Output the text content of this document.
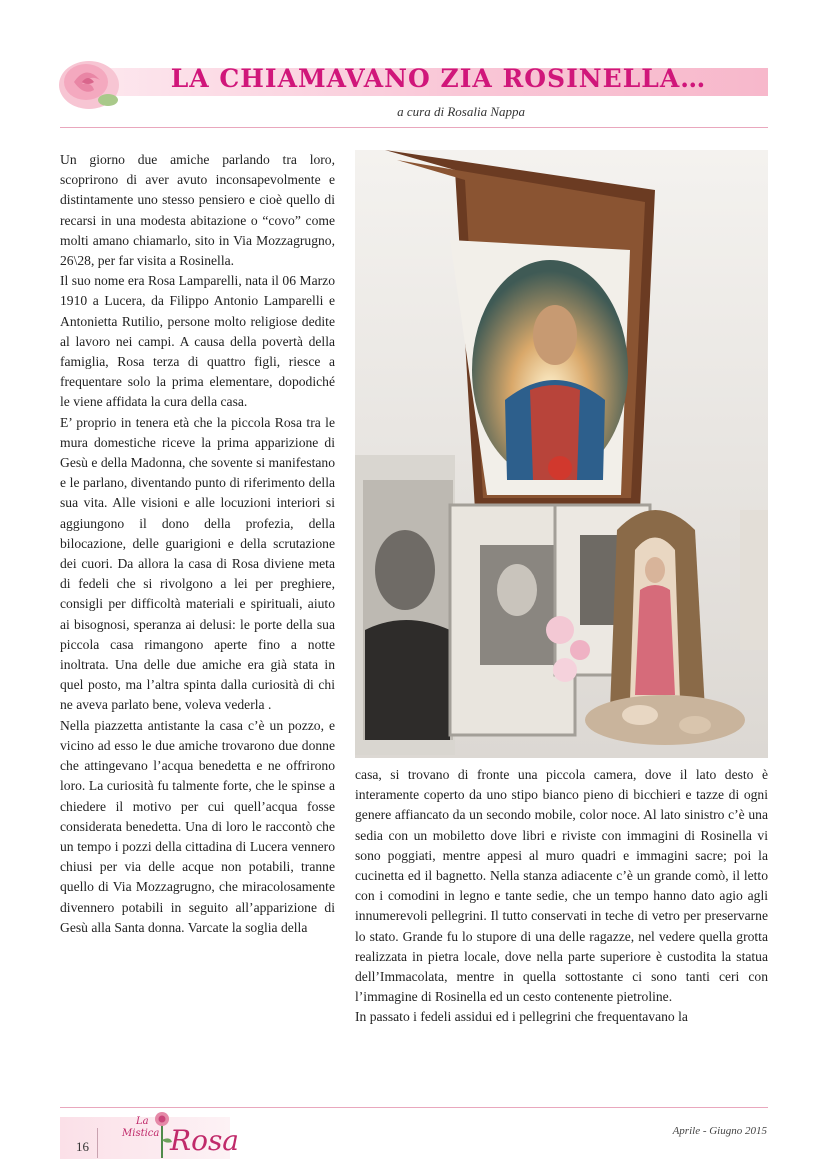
LA CHIAMAVANO ZIA ROSINELLA…
a cura di Rosalia Nappa

Un giorno due amiche parlando tra loro, scoprirono di aver avuto inconsapevolmente e distintamente uno stesso pensiero e cioè quello di recarsi in una modesta abitazione o “covo” come molti amano chiamarlo, sito in Via Mozzagrugno, 26\28, per far visita a Rosinella.

Il suo nome era Rosa Lamparelli, nata il 06 Marzo 1910 a Lucera, da Filippo Antonio Lamparelli e Antonietta Rutilio, persone molto religiose dedite al lavoro nei campi. A causa della povertà della famiglia, Rosa terza di quattro figli, riesce a frequentare solo la prima elementare, dopodiché le viene affidata la cura della casa.

E’ proprio in tenera età che la piccola Rosa tra le mura domestiche riceve la prima apparizione di Gesù e della Madonna, che sovente si manifestano e le parlano, diventando punto di riferimento della sua vita. Alle visioni e alle locuzioni interiori si aggiungono il dono della profezia, della bilocazione, delle guarigioni e della scrutazione dei cuori. Da allora la casa di Rosa diviene meta di fedeli che si rivolgono a lei per preghiere, consigli per difficoltà materiali e spirituali, aiuto ai bisognosi, speranza ai delusi: le porte della sua piccola casa rimangono aperte fino a notte inoltrata. Una delle due amiche era già stata in quel posto, ma l’altra spinta dalla curiosità di chi ne aveva parlato bene, voleva vederla .

Nella piazzetta antistante la casa c’è un pozzo, e vicino ad esso le due amiche trovarono due donne che attingevano l’acqua benedetta e ne offrirono loro. La curiosità fu talmente forte, che le spinse a chiedere il motivo per cui quell’acqua fosse considerata benedetta. Una di loro le raccontò che un tempo i pozzi della cittadina di Lucera vennero chiusi per via delle acque non potabili, tranne quello di Via Mozzagrugno, che miracolosamente divennero potabili in seguito all’apparizione di Gesù alla Santa donna. Varcate la soglia della

casa, si trovano di fronte una piccola camera, dove il lato desto è interamente coperto da uno stipo bianco pieno di bicchieri e tazze di ogni genere affiancato da un secondo mobile, color noce. Al lato sinistro c’è una sedia con un mobiletto dove libri e riviste con immagini di Rosinella vi sono poggiati, mentre appesi al muro quadri e immagini sacre; poi la cucinetta ed il bagnetto. Nella stanza adiacente c’è un grande comò, il letto con i comodini in legno e tante sedie, che un tempo hanno dato agio agli innumerevoli pellegrini. Il tutto conservati in teche di vetro per preservarne lo stato. Grande fu lo stupore di una delle ragazze, nel vedere quella grotta realizzata in pietra locale, dove nella parte superiore è custodita la statua dell’Immacolata, mentre in quella sottostante ci sono tanti ceri con l’immagine di Rosinella ed un cesto contenente pietroline.

In passato i fedeli assidui ed i pellegrini che frequentavano la

16
La
Mistica Rosa	Aprile - Giugno 2015
